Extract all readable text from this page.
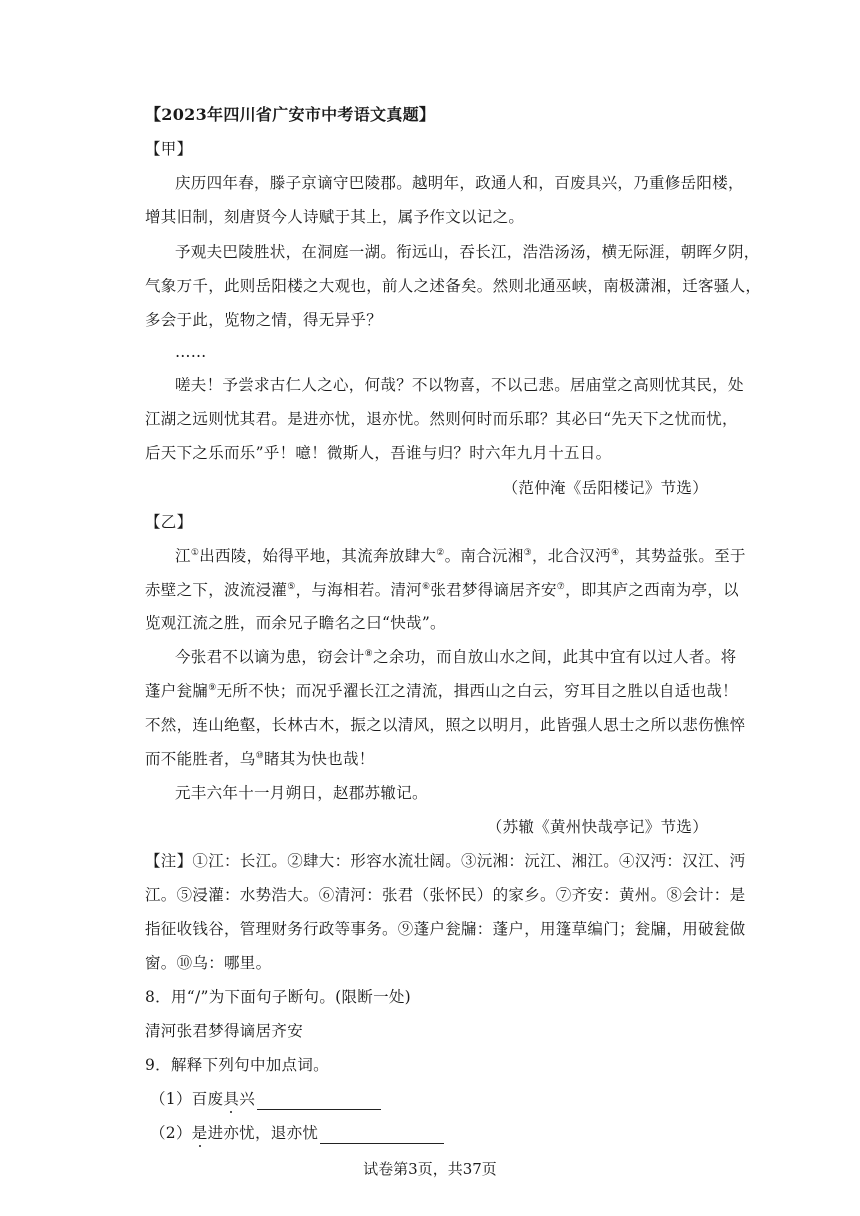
【2023年四川省广安市中考语文真题】
【甲】
庆历四年春，滕子京谪守巴陵郡。越明年，政通人和，百废具兴，乃重修岳阳楼，
增其旧制，刻唐贤今人诗赋于其上，属予作文以记之。
予观夫巴陵胜状，在洞庭一湖。衔远山，吞长江，浩浩汤汤，横无际涯，朝晖夕阴，
气象万千，此则岳阳楼之大观也，前人之述备矣。然则北通巫峡，南极潇湘，迁客骚人，
多会于此，览物之情，得无异乎？
……
嗟夫！予尝求古仁人之心，何哉？不以物喜，不以己悲。居庙堂之高则忧其民，处
江湖之远则忧其君。是进亦忧，退亦忧。然则何时而乐耶？其必曰“先天下之忧而忧，
后天下之乐而乐”乎！噫！微斯人，吾谁与归？时六年九月十五日。
（范仲淹《岳阳楼记》节选）
【乙】
江①出西陵，始得平地，其流奔放肆大②。南合沅湘③，北合汉沔④，其势益张。至于
赤壁之下，波流浸灌⑤，与海相若。清河⑥张君梦得谪居齐安⑦，即其庐之西南为亭，以
览观江流之胜，而余兄子瞻名之曰“快哉”。
今张君不以谪为患，窃会计⑧之余功，而自放山水之间，此其中宜有以过人者。将
蓬户瓮牖⑨无所不快；而况乎濯长江之清流，揖西山之白云，穷耳目之胜以自适也哉！
不然，连山绝壑，长林古木，振之以清风，照之以明月，此皆强人思士之所以悲伤憔悴
而不能胜者，乌⑩睹其为快也哉！
元丰六年十一月朔日，赵郡苏辙记。
（苏辙《黄州快哉亭记》节选）
【注】①江：长江。②肆大：形容水流壮阔。③沅湘：沅江、湘江。④汉沔：汉江、沔
江。⑤浸灌：水势浩大。⑥清河：张君（张怀民）的家乡。⑦齐安：黄州。⑧会计：是
指征收钱谷，管理财务行政等事务。⑨蓬户瓮牖：蓬户，用篷草编门；瓮牖，用破瓮做
窗。⑩乌：哪里。
8．用“/”为下面句子断句。(限断一处)
清河张君梦得谪居齐安
9．解释下列句中加点词。
（1）百废具兴
（2）是进亦忧，退亦忧
试卷第3页，共37页
